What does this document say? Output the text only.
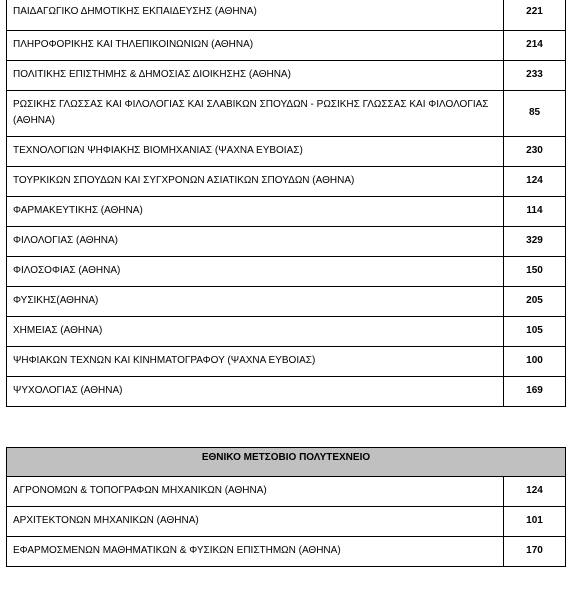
ΠΑΙΔΑΓΩΓΙΚΟ ΔΗΜΟΤΙΚΗΣ ΕΚΠΑΙΔΕΥΣΗΣ (ΑΘΗΝΑ)	221
ΠΛΗΡΟΦΟΡΙΚΗΣ ΚΑΙ ΤΗΛΕΠΙΚΟΙΝΩΝΙΩΝ (ΑΘΗΝΑ)	214
ΠΟΛΙΤΙΚΗΣ ΕΠΙΣΤΗΜΗΣ & ΔΗΜΟΣΙΑΣ ΔΙΟΙΚΗΣΗΣ (ΑΘΗΝΑ)	233
ΡΩΣΙΚΗΣ ΓΛΩΣΣΑΣ ΚΑΙ ΦΙΛΟΛΟΓΙΑΣ ΚΑΙ ΣΛΑΒΙΚΩΝ ΣΠΟΥΔΩΝ - ΡΩΣΙΚΗΣ ΓΛΩΣΣΑΣ ΚΑΙ ΦΙΛΟΛΟΓΙΑΣ (ΑΘΗΝΑ)	85
ΤΕΧΝΟΛΟΓΙΩΝ ΨΗΦΙΑΚΗΣ ΒΙΟΜΗΧΑΝΙΑΣ (ΨΑΧΝΑ ΕΥΒΟΙΑΣ)	230
ΤΟΥΡΚΙΚΩΝ ΣΠΟΥΔΩΝ ΚΑΙ ΣΥΓΧΡΟΝΩΝ ΑΣΙΑΤΙΚΩΝ ΣΠΟΥΔΩΝ (ΑΘΗΝΑ)	124
ΦΑΡΜΑΚΕΥΤΙΚΗΣ (ΑΘΗΝΑ)	114
ΦΙΛΟΛΟΓΙΑΣ (ΑΘΗΝΑ)	329
ΦΙΛΟΣΟΦΙΑΣ (ΑΘΗΝΑ)	150
ΦΥΣΙΚΗΣ(ΑΘΗΝΑ)	205
ΧΗΜΕΙΑΣ (ΑΘΗΝΑ)	105
ΨΗΦΙΑΚΩΝ ΤΕΧΝΩΝ ΚΑΙ ΚΙΝΗΜΑΤΟΓΡΑΦΟΥ (ΨΑΧΝΑ ΕΥΒΟΙΑΣ)	100
ΨΥΧΟΛΟΓΙΑΣ (ΑΘΗΝΑ)	169
ΕΘΝΙΚΟ ΜΕΤΣΟΒΙΟ ΠΟΛΥΤΕΧΝΕΙΟ	
ΑΓΡΟΝΟΜΩΝ & ΤΟΠΟΓΡΑΦΩΝ ΜΗΧΑΝΙΚΩΝ (ΑΘΗΝΑ)	124
ΑΡΧΙΤΕΚΤΟΝΩΝ ΜΗΧΑΝΙΚΩΝ (ΑΘΗΝΑ)	101
ΕΦΑΡΜΟΣΜΕΝΩΝ ΜΑΘΗΜΑΤΙΚΩΝ & ΦΥΣΙΚΩΝ ΕΠΙΣΤΗΜΩΝ (ΑΘΗΝΑ)	170
